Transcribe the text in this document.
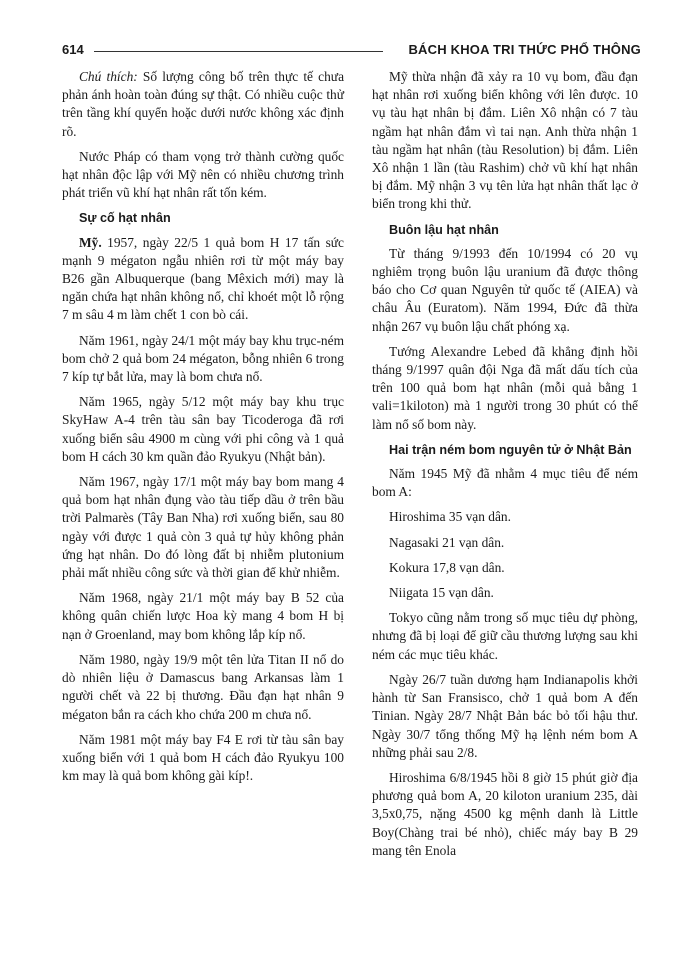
614	BÁCH KHOA TRI THỨC PHỔ THÔNG

Chú thích: Số lượng công bố trên thực tế chưa phản ánh hoàn toàn đúng sự thật. Có nhiều cuộc thử trên tầng khí quyển hoặc dưới nước không xác định rõ.

Nước Pháp có tham vọng trở thành cường quốc hạt nhân độc lập với Mỹ nên có nhiều chương trình phát triển vũ khí hạt nhân rất tốn kém.

Sự cố hạt nhân

Mỹ. 1957, ngày 22/5 1 quả bom H 17 tấn sức mạnh 9 mégaton ngẫu nhiên rơi từ một máy bay B26 gần Albuquerque (bang Mêxich mới) may là ngăn chứa hạt nhân không nổ, chỉ khoét một lỗ rộng 7 m sâu 4 m làm chết 1 con bò cái.

Năm 1961, ngày 24/1 một máy bay khu trục-ném bom chở 2 quả bom 24 mégaton, bỗng nhiên 6 trong 7 kíp tự bắt lửa, may là bom chưa nổ.

Năm 1965, ngày 5/12 một máy bay khu trục SkyHaw A-4 trên tàu sân bay Ticoderoga đã rơi xuống biển sâu 4900 m cùng với phi công và 1 quả bom H cách 30 km quần đảo Ryukyu (Nhật bản).

Năm 1967, ngày 17/1 một máy bay bom mang 4 quả bom hạt nhân đụng vào tàu tiếp dầu ở trên bầu trời Palmarès (Tây Ban Nha) rơi xuống biển, sau 80 ngày với được 1 quả còn 3 quả tự hủy không phản ứng hạt nhân. Do đó lòng đất bị nhiễm plutonium phải mất nhiều công sức và thời gian để khử nhiễm.

Năm 1968, ngày 21/1 một máy bay B 52 của không quân chiến lược Hoa kỳ mang 4 bom H bị nạn ở Groenland, may bom không lắp kíp nổ.

Năm 1980, ngày 19/9 một tên lửa Titan II nổ do dò nhiên liệu ở Damascus bang Arkansas làm 1 người chết và 22 bị thương. Đầu đạn hạt nhân 9 mégaton bắn ra cách kho chứa 200 m chưa nổ.

Năm 1981 một máy bay F4 E rơi từ tàu sân bay xuống biển với 1 quả bom H cách đảo Ryukyu 100 km may là quả bom không gài kíp!.

Mỹ thừa nhận đã xảy ra 10 vụ bom, đầu đạn hạt nhân rơi xuống biển không với lên được. 10 vụ tàu hạt nhân bị đắm. Liên Xô nhận có 7 tàu ngầm hạt nhân đắm vì tai nạn. Anh thừa nhận 1 tàu ngầm hạt nhân (tàu Resolution) bị đắm. Liên Xô nhận 1 lần (tàu Rashim) chở vũ khí hạt nhân bị đắm. Mỹ nhận 3 vụ tên lửa hạt nhân thất lạc ở biển trong khi thử.

Buôn lậu hạt nhân

Từ tháng 9/1993 đến 10/1994 có 20 vụ nghiêm trọng buôn lậu uranium đã được thông báo cho Cơ quan Nguyên tử quốc tế (AIEA) và châu Âu (Euratom). Năm 1994, Đức đã thừa nhận 267 vụ buôn lậu chất phóng xạ.

Tướng Alexandre Lebed đã khẳng định hồi tháng 9/1997 quân đội Nga đã mất dấu tích của trên 100 quả bom hạt nhân (mỗi quả bằng 1 vali=1kiloton) mà 1 người trong 30 phút có thể làm nổ số bom này.

Hai trận ném bom nguyên tử ở Nhật Bản

Năm 1945 Mỹ đã nhằm 4 mục tiêu để ném bom A:

Hiroshima 35 vạn dân.

Nagasaki 21 vạn dân.

Kokura 17,8 vạn dân.

Niigata 15 vạn dân.

Tokyo cũng nằm trong số mục tiêu dự phòng, nhưng đã bị loại để giữ cầu thương lượng sau khi ném các mục tiêu khác.

Ngày 26/7 tuần dương hạm Indianapolis khởi hành từ San Fransisco, chở 1 quả bom A đến Tinian. Ngày 28/7 Nhật Bản bác bỏ tối hậu thư. Ngày 30/7 tổng thống Mỹ hạ lệnh ném bom A những phải sau 2/8.

Hiroshima 6/8/1945 hồi 8 giờ 15 phút giờ địa phương quả bom A, 20 kiloton uranium 235, dài 3,5x0,75, nặng 4500 kg mệnh danh là Little Boy(Chàng trai bé nhỏ), chiếc máy bay B 29 mang tên Enola
